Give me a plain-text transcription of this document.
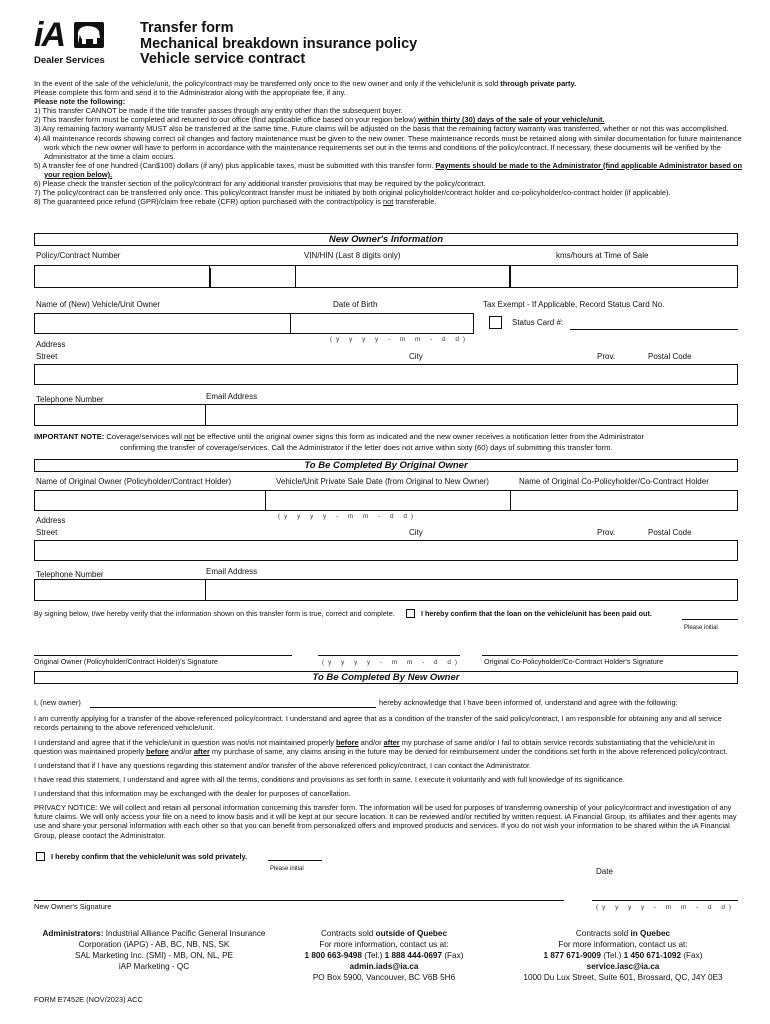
iA
Dealer Services
Transfer form
Mechanical breakdown insurance policy
Vehicle service contract

In the event of the sale of the vehicle/unit, the policy/contract may be transferred only once to the new owner and only if the vehicle/unit is sold through private party.

Please complete this form and send it to the Administrator along with the appropriate fee, if any.

Please note the following:

1) This transfer CANNOT be made if the title transfer passes through any entity other than the subsequent buyer.

2) This transfer form must be completed and returned to our office (find applicable office based on your region below) within thirty (30) days of the sale of your vehicle/unit.

3) Any remaining factory warranty MUST also be transferred at the same time. Future claims will be adjusted on the basis that the remaining factory warranty was transferred, whether or not this was accomplished.

4) All maintenance records showing correct oil changes and factory maintenance must be given to the new owner. These maintenance records must be retained along with similar documentation for future maintenance work which the new owner will have to perform in accordance with the maintenance requirements set out in the terms and conditions of the policy/contract. If necessary, these documents will be verified by the Administrator at the time a claim occurs.

5) A transfer fee of one hundred (Can$100) dollars (if any) plus applicable taxes, must be submitted with this transfer form. Payments should be made to the Administrator (find applicable Administrator based on your region below).

6) Please check the transfer section of the policy/contract for any additional transfer provisions that may be required by the policy/contract.

7) The policy/contract can be transferred only once. This policy/contract transfer must be initiated by both original policyholder/contract holder and co-policyholder/co-contract holder (if applicable).

8) The guaranteed price refund (GPR)/claim free rebate (CFR) option purchased with the contract/policy is not transferable.

New Owner's Information
Policy/Contract Number	VIN/HIN (Last 8 digits only)	kms/hours at Time of Sale
Name of (New) Vehicle/Unit Owner	Date of Birth	Tax Exempt - If Applicable, Record Status Card No.
Status Card #:
(y y y y - m m - d d)
Address
Street	City	Prov.	Postal Code
Email Address
Telephone Number
IMPORTANT NOTE: Coverage/services will not be effective until the original owner signs this form as indicated and the new owner receives a notification letter from the Administrator
confirming the transfer of coverage/services. Call the Administrator if the letter does not arrive within sixty (60) days of submitting this transfer form.
To Be Completed By Original Owner
Name of Original Owner (Policyholder/Contract Holder)	Vehicle/Unit Private Sale Date (from Original to New Owner)	Name of Original Co-Policyholder/Co-Contract Holder
(y y y y - m m - d d)
Address
Street	City	Prov.	Postal Code
Email Address
Telephone Number
By signing below, I/we hereby verify that the information shown on this transfer form is true, correct and complete.	I hereby confirm that the loan on the vehicle/unit has been paid out.
Please initial
Original Owner (Policyholder/Contract Holder)'s Signature	(y y y y - m m - d d)	Original Co-Policyholder/Co-Contract Holder's Signature
To Be Completed By New Owner
I, (new owner)	hereby acknowledge that I have been informed of, understand and agree with the following:
I am currently applying for a transfer of the above referenced policy/contract. I understand and agree that as a condition of the transfer of the said policy/contract, I am responsible for obtaining any and all service records pertaining to the above referenced vehicle/unit.
I understand and agree that if the vehicle/unit in question was not/is not maintained properly before and/or after my purchase of same and/or I fail to obtain service records substantiating that the vehicle/unit in question was maintained properly before and/or after my purchase of same, any claims arising in the future may be denied for reimbursement under the conditions set forth in the above referenced policy/contract.
I understand that if I have any questions regarding this statement and/or transfer of the above referenced policy/contract, I can contact the Administrator.
I have read this statement, I understand and agree with all the terms, conditions and provisions as set forth in same. I execute it voluntarily and with full knowledge of its significance.
I understand that this information may be exchanged with the dealer for purposes of cancellation.
PRIVACY NOTICE: We will collect and retain all personal information concerning this transfer form. The information will be used for purposes of transferring ownership of your policy/contract and investigation of any future claims. We will only access your file on a need to know basis and it will be kept at our secure location. It can be reviewed and/or rectified by written request. iA Financial Group, its affiliates and their agents may use and share your personal information with each other so that you can benefit from personalized offers and improved products and services. If you do not wish your information to be shared within the iA Financial Group, please contact the Administrator.
I hereby confirm that the vehicle/unit was sold privately.
Please initial	Date
New Owner's Signature	(y y y y - m m - d d)
Administrators: Industrial Alliance Pacific General Insurance
Corporation (iAPG) - AB, BC, NB, NS, SK
SAL Marketing Inc. (SMI) - MB, ON, NL, PE
iAP Marketing - QC
Contracts sold outside of Quebec
For more information, contact us at:
1 800 663-9498 (Tel.) 1 888 444-0697 (Fax)
admin.iads@ia.ca
PO Box 5900, Vancouver, BC V6B 5H6
Contracts sold in Quebec
For more information, contact us at:
1 877 671-9009 (Tel.) 1 450 671-1092 (Fax)
service.iasc@ia.ca
1000 Du Lux Street, Suite 601, Brossard, QC, J4Y 0E3
FORM E7452E (NOV/2023) ACC
